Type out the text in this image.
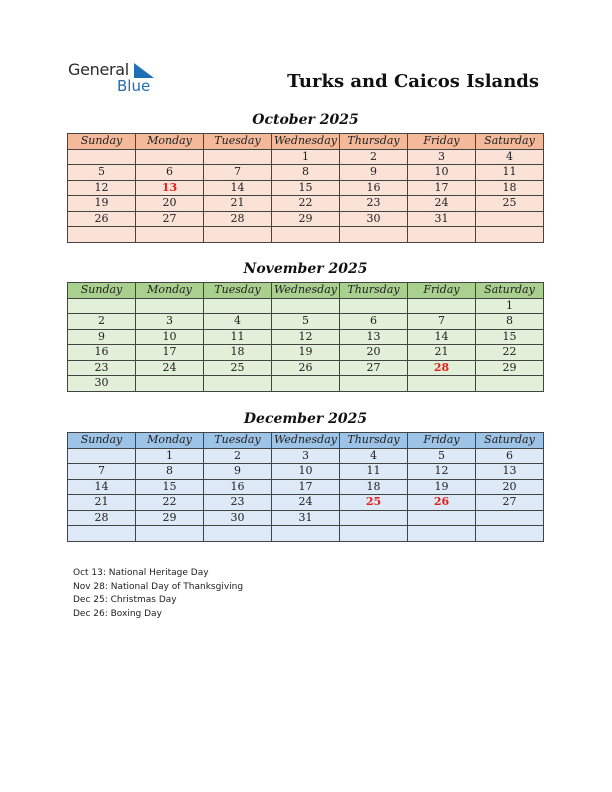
General
Blue	Turks and Caicos Islands
October 2025
Sunday	Monday	Tuesday	Wednesday	Thursday	Friday	Saturday
			1	2	3	4
5	6	7	8	9	10	11
12	13	14	15	16	17	18
19	20	21	22	23	24	25
26	27	28	29	30	31	

November 2025
Sunday	Monday	Tuesday	Wednesday	Thursday	Friday	Saturday
						1
2	3	4	5	6	7	8
9	10	11	12	13	14	15
16	17	18	19	20	21	22
23	24	25	26	27	28	29
30						
December 2025
Sunday	Monday	Tuesday	Wednesday	Thursday	Friday	Saturday
	1	2	3	4	5	6
7	8	9	10	11	12	13
14	15	16	17	18	19	20
21	22	23	24	25	26	27
28	29	30	31			

Oct 13: National Heritage Day
Nov 28: National Day of Thanksgiving
Dec 25: Christmas Day
Dec 26: Boxing Day
